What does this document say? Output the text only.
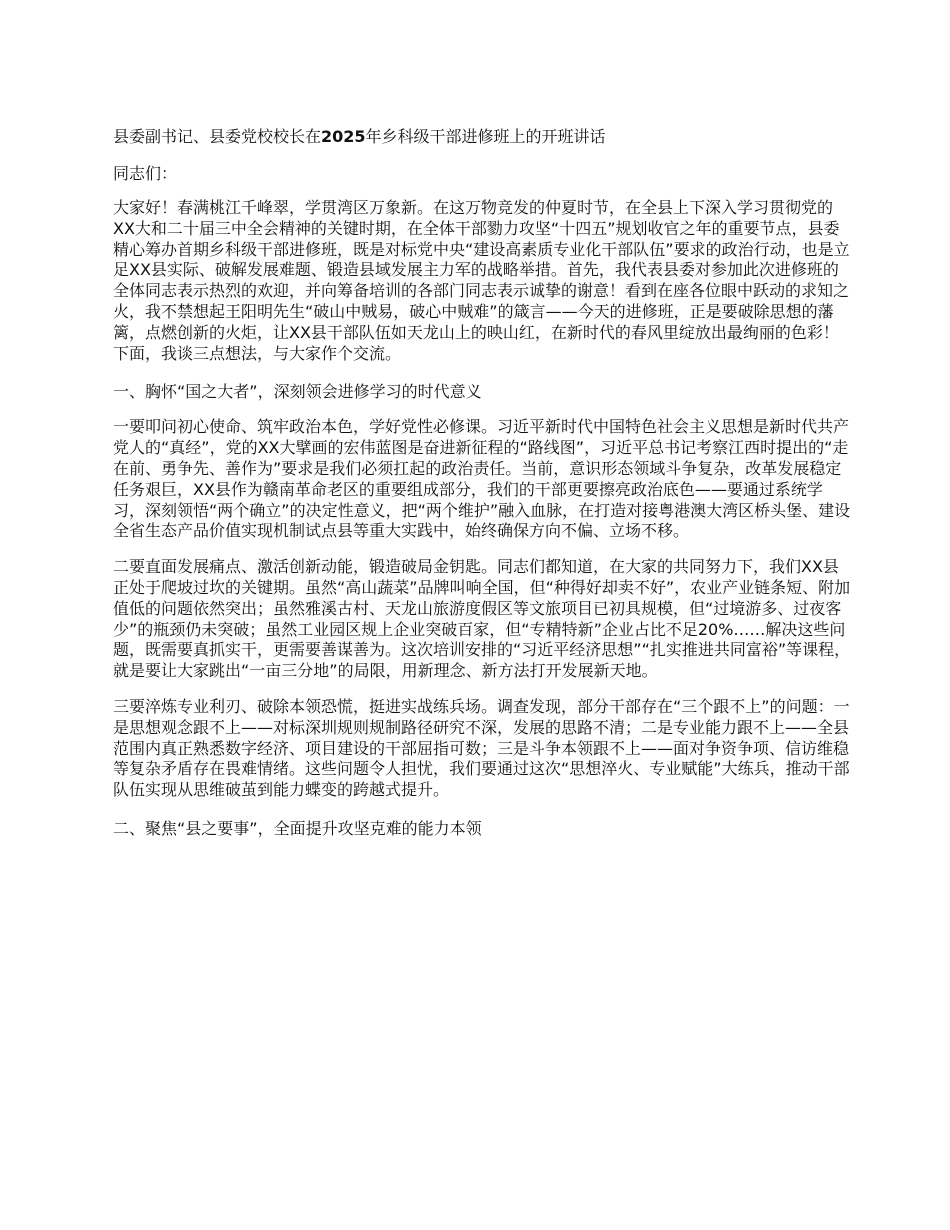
县委副书记、县委党校校长在2025年乡科级干部进修班上的开班讲话
同志们：
大家好！春满桃江千峰翠，学贯湾区万象新。在这万物竞发的仲夏时节，在全县上下深入学习贯彻党的XX大和二十届三中全会精神的关键时期，在全体干部勠力攻坚“十四五”规划收官之年的重要节点，县委精心筹办首期乡科级干部进修班，既是对标党中央“建设高素质专业化干部队伍”要求的政治行动，也是立足XX县实际、破解发展难题、锻造县域发展主力军的战略举措。首先，我代表县委对参加此次进修班的全体同志表示热烈的欢迎，并向筹备培训的各部门同志表示诚挚的谢意！看到在座各位眼中跃动的求知之火，我不禁想起王阳明先生“破山中贼易，破心中贼难”的箴言——今天的进修班，正是要破除思想的藩篱，点燃创新的火炬，让XX县干部队伍如天龙山上的映山红，在新时代的春风里绽放出最绚丽的色彩！下面，我谈三点想法，与大家作个交流。
一、胸怀“国之大者”，深刻领会进修学习的时代意义
一要叩问初心使命、筑牢政治本色，学好党性必修课。习近平新时代中国特色社会主义思想是新时代共产党人的“真经”，党的XX大擘画的宏伟蓝图是奋进新征程的“路线图”，习近平总书记考察江西时提出的“走在前、勇争先、善作为”要求是我们必须扛起的政治责任。当前，意识形态领域斗争复杂，改革发展稳定任务艰巨，XX县作为赣南革命老区的重要组成部分，我们的干部更要擦亮政治底色——要通过系统学习，深刻领悟“两个确立”的决定性意义，把“两个维护”融入血脉，在打造对接粤港澳大湾区桥头堡、建设全省生态产品价值实现机制试点县等重大实践中，始终确保方向不偏、立场不移。
二要直面发展痛点、激活创新动能，锻造破局金钥匙。同志们都知道，在大家的共同努力下，我们XX县正处于爬坡过坎的关键期。虽然“高山蔬菜”品牌叫响全国，但“种得好却卖不好”，农业产业链条短、附加值低的问题依然突出；虽然雅溪古村、天龙山旅游度假区等文旅项目已初具规模，但“过境游多、过夜客少”的瓶颈仍未突破；虽然工业园区规上企业突破百家，但“专精特新”企业占比不足20%……解决这些问题，既需要真抓实干，更需要善谋善为。这次培训安排的“习近平经济思想”“扎实推进共同富裕”等课程，就是要让大家跳出“一亩三分地”的局限，用新理念、新方法打开发展新天地。
三要淬炼专业利刃、破除本领恐慌，挺进实战练兵场。调查发现，部分干部存在“三个跟不上”的问题：一是思想观念跟不上——对标深圳规则规制路径研究不深，发展的思路不清；二是专业能力跟不上——全县范围内真正熟悉数字经济、项目建设的干部屈指可数；三是斗争本领跟不上——面对争资争项、信访维稳等复杂矛盾存在畏难情绪。这些问题令人担忧，我们要通过这次“思想淬火、专业赋能”大练兵，推动干部队伍实现从思维破茧到能力蝶变的跨越式提升。
二、聚焦“县之要事”，全面提升攻坚克难的能力本领
